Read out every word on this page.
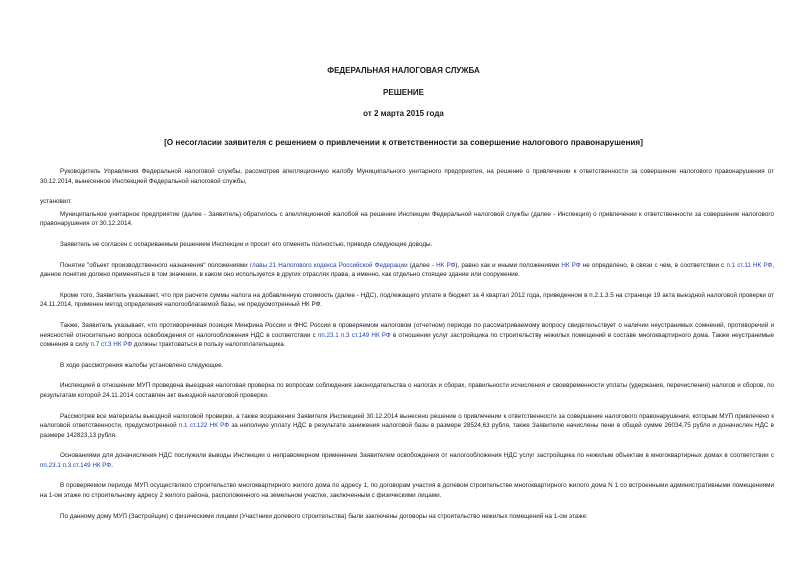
ФЕДЕРАЛЬНАЯ НАЛОГОВАЯ СЛУЖБА
РЕШЕНИЕ
от 2 марта 2015 года
[О несогласии заявителя с решением о привлечении к ответственности за совершение налогового правонарушения]

Руководитель Управления Федеральной налоговой службы, рассмотрев апелляционную жалобу Муниципального унитарного предприятия, на решение о привлечении к ответственности за совершение налогового правонарушения от 30.12.2014, вынесенное Инспекцией Федеральной налоговой службы,

установил:

Муниципальное унитарное предприятие (далее - Заявитель) обратилось с апелляционной жалобой на решение Инспекции Федеральной налоговой службы (далее - Инспекция) о привлечении к ответственности за совершение налогового правонарушения от 30.12.2014.

Заявитель не согласен с оспариваемым решением Инспекции и просит его отменить полностью, приводя следующие доводы.

Понятие "объект производственного назначения" положениями главы 21 Налогового кодекса Российской Федерации (далее - НК РФ), равно как и иными положениями НК РФ не определено, в связи с чем, в соответствии с п.1 ст.11 НК РФ, данное понятие должно применяться в том значении, в каком оно используется в других отраслях права, а именно, как отдельно стоящее здание или сооружение.

Кроме того, Заявитель указывает, что при расчете суммы налога на добавленную стоимость (далее - НДС), подлежащего уплате в бюджет за 4 квартал 2012 года, приведенном в п.2.1.3.5 на странице 19 акта выездной налоговой проверки от 24.11.2014, применен метод определения налогооблагаемой базы, не предусмотренный НК РФ.

Также, Заявитель указывает, что противоречивая позиция Минфина России и ФНС России в проверяемом налоговом (отчетном) периоде по рассматриваемому вопросу свидетельствует о наличии неустранимых сомнений, противоречий и неясностей относительно вопроса освобождения от налогообложения НДС в соответствии с пп.23.1 п.3 ст.149 НК РФ в отношении услуг застройщика по строительству нежилых помещений в составе многоквартирного дома. Также неустранимые сомнения в силу п.7 ст.3 НК РФ должны трактоваться в пользу налогоплательщика.

В ходе рассмотрения жалобы установлено следующее.

Инспекцией в отношении МУП проведена выездная налоговая проверка по вопросам соблюдения законодательства о налогах и сборах, правильности исчисления и своевременности уплаты (удержания, перечисления) налогов и сборов, по результатам которой 24.11.2014 составлен акт выездной налоговой проверки.

Рассмотрев все материалы выездной налоговой проверки, а также возражения Заявителя Инспекцией 30.12.2014 вынесено решение о привлечении к ответственности за совершение налогового правонарушения, которым МУП привлечено к налоговой ответственности, предусмотренной п.1 ст.122 НК РФ за неполную уплату НДС в результате занижения налоговой базы в размере 28524,63 рубля, также Заявителю начислены пени в общей сумме 26034,75 рубля и доначислен НДС в размере 142823,13 рубля.

Основаниями для доначисления НДС послужили выводы Инспекции о неправомерном применении Заявителем освобождения от налогообложения НДС услуг застройщика по нежилым объектам в многоквартирных домах в соответствии с пп.23.1 п.3 ст.149 НК РФ.

В проверяемом периоде МУП осуществляло строительство многоквартирного жилого дома по адресу 1, по договорам участия в долевом строительстве многоквартирного жилого дома N 1 со встроенными административными помещениями на 1-ом этаже по строительному адресу 2 жилого района, расположенного на земельном участке, заключенным с физическими лицами.

По данному дому МУП (Застройщик) с физическими лицами (Участники долевого строительства) были заключены договоры на строительство нежилых помещений на 1-ом этаже:
